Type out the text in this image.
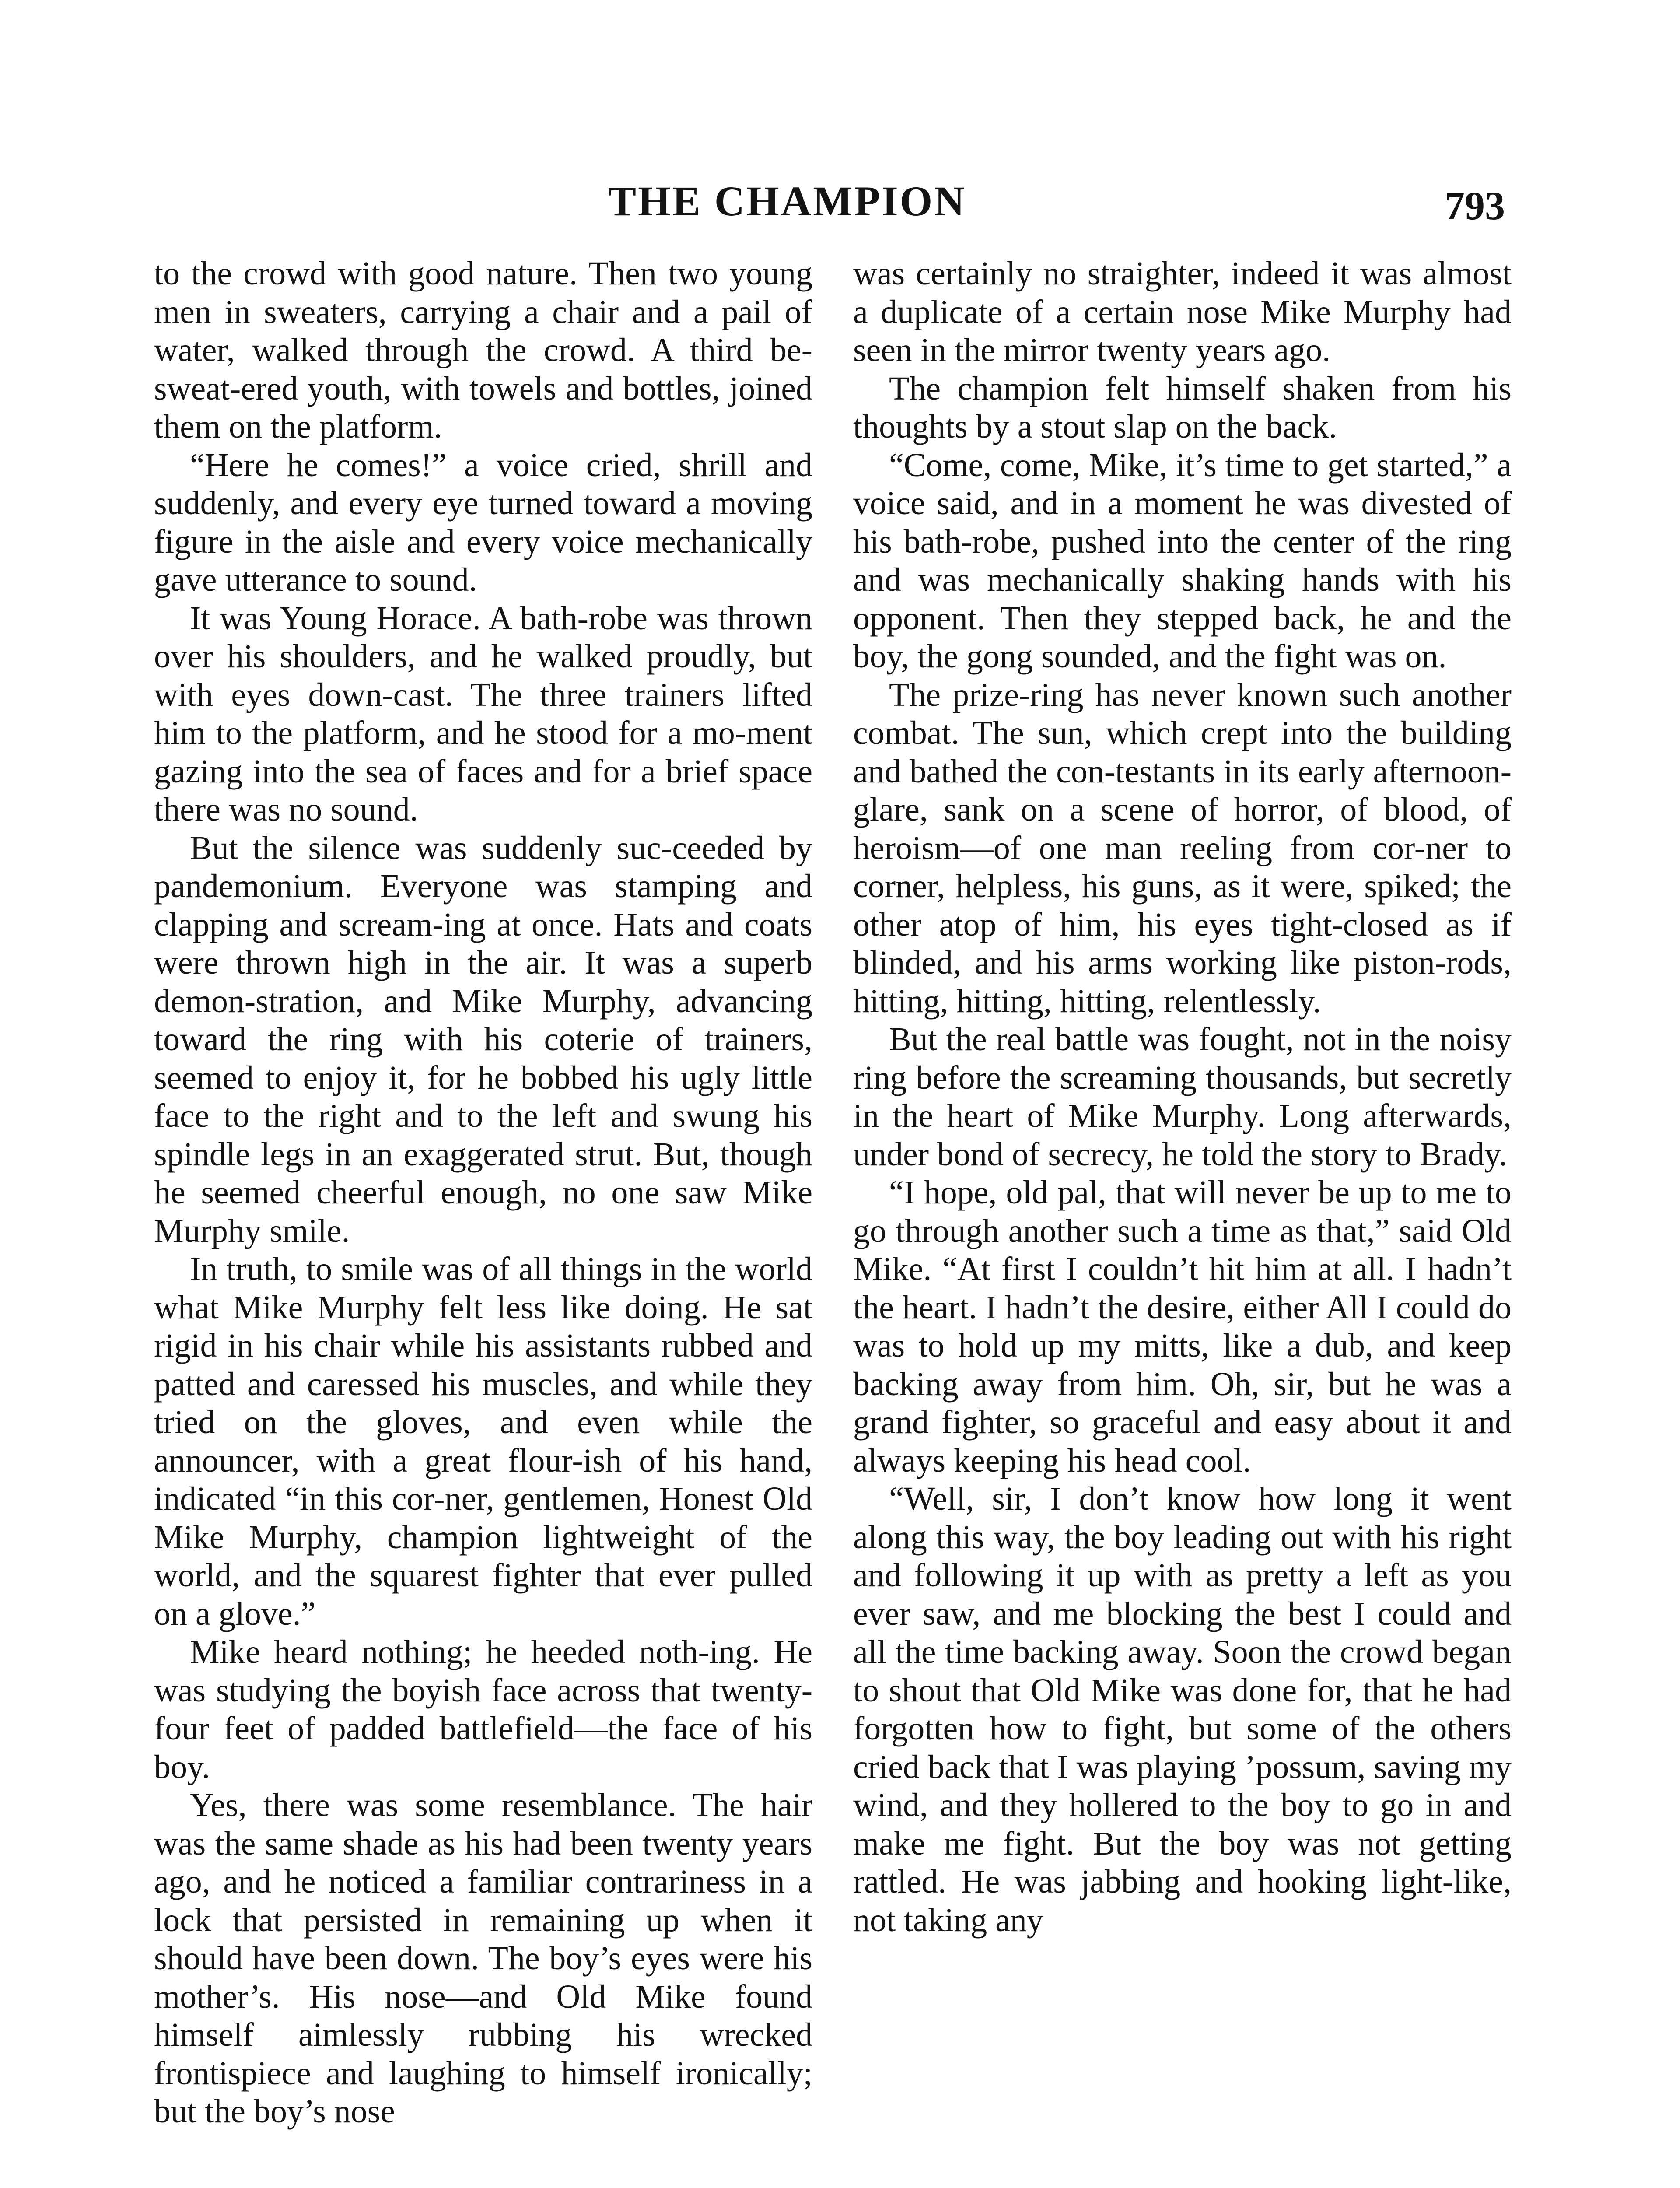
THE CHAMPION	793

to the crowd with good nature. Then two young men in sweaters, carrying a chair and a pail of water, walked through the crowd. A third be-sweat-ered youth, with towels and bottles, joined them on the platform.

“Here he comes!” a voice cried, shrill and suddenly, and every eye turned toward a moving figure in the aisle and every voice mechanically gave utterance to sound.

It was Young Horace. A bath-robe was thrown over his shoulders, and he walked proudly, but with eyes down-cast. The three trainers lifted him to the platform, and he stood for a mo-ment gazing into the sea of faces and for a brief space there was no sound.

But the silence was suddenly suc-ceeded by pandemonium. Everyone was stamping and clapping and scream-ing at once. Hats and coats were thrown high in the air. It was a superb demon-stration, and Mike Murphy, advancing toward the ring with his coterie of trainers, seemed to enjoy it, for he bobbed his ugly little face to the right and to the left and swung his spindle legs in an exaggerated strut. But, though he seemed cheerful enough, no one saw Mike Murphy smile.

In truth, to smile was of all things in the world what Mike Murphy felt less like doing. He sat rigid in his chair while his assistants rubbed and patted and caressed his muscles, and while they tried on the gloves, and even while the announcer, with a great flour-ish of his hand, indicated “in this cor-ner, gentlemen, Honest Old Mike Murphy, champion lightweight of the world, and the squarest fighter that ever pulled on a glove.”

Mike heard nothing; he heeded noth-ing. He was studying the boyish face across that twenty-four feet of padded battlefield—the face of his boy.

Yes, there was some resemblance. The hair was the same shade as his had been twenty years ago, and he noticed a familiar contrariness in a lock that persisted in remaining up when it should have been down. The boy’s eyes were his mother’s. His nose—and Old Mike found himself aimlessly rubbing his wrecked frontispiece and laughing to himself ironically; but the boy’s nose

was certainly no straighter, indeed it was almost a duplicate of a certain nose Mike Murphy had seen in the mirror twenty years ago.

The champion felt himself shaken from his thoughts by a stout slap on the back.

“Come, come, Mike, it’s time to get started,” a voice said, and in a moment he was divested of his bath-robe, pushed into the center of the ring and was mechanically shaking hands with his opponent. Then they stepped back, he and the boy, the gong sounded, and the fight was on.

The prize-ring has never known such another combat. The sun, which crept into the building and bathed the con-testants in its early afternoon-glare, sank on a scene of horror, of blood, of heroism—of one man reeling from cor-ner to corner, helpless, his guns, as it were, spiked; the other atop of him, his eyes tight-closed as if blinded, and his arms working like piston-rods, hitting, hitting, hitting, relentlessly.

But the real battle was fought, not in the noisy ring before the screaming thousands, but secretly in the heart of Mike Murphy. Long afterwards, under bond of secrecy, he told the story to Brady.

“I hope, old pal, that will never be up to me to go through another such a time as that,” said Old Mike. “At first I couldn’t hit him at all. I hadn’t the heart. I hadn’t the desire, either All I could do was to hold up my mitts, like a dub, and keep backing away from him. Oh, sir, but he was a grand fighter, so graceful and easy about it and always keeping his head cool.

“Well, sir, I don’t know how long it went along this way, the boy leading out with his right and following it up with as pretty a left as you ever saw, and me blocking the best I could and all the time backing away. Soon the crowd began to shout that Old Mike was done for, that he had forgotten how to fight, but some of the others cried back that I was playing ’possum, saving my wind, and they hollered to the boy to go in and make me fight. But the boy was not getting rattled. He was jabbing and hooking light-like, not taking any
